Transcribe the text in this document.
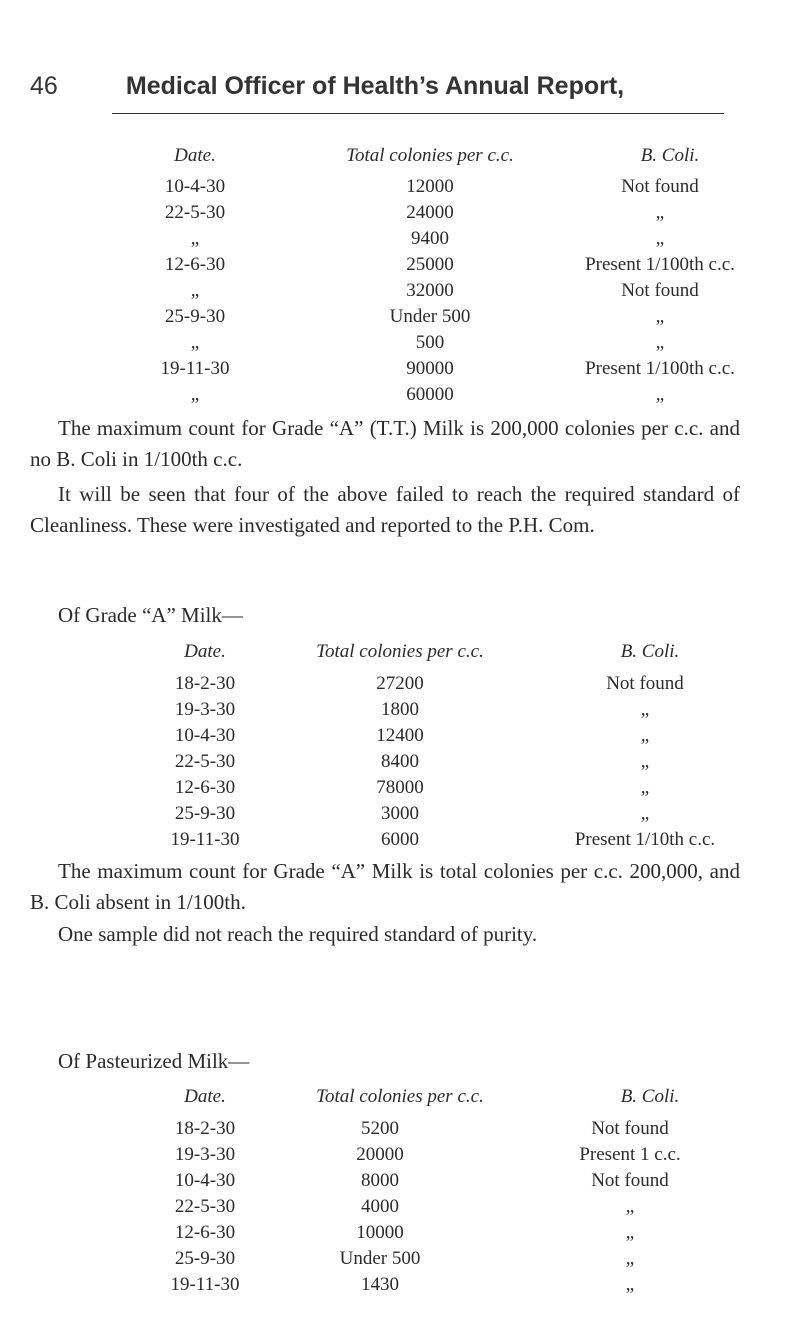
46	Medical Officer of Health’s Annual Report,
Date.	Total colonies per c.c.	B. Coli.
10-4-30	12000	Not found
22-5-30	24000	„
„	9400	„
12-6-30	25000	Present 1/100th c.c.
„	32000	Not found
25-9-30	Under 500	„
„	500	„
19-11-30	90000	Present 1/100th c.c.
„	60000	„

The maximum count for Grade “A” (T.T.) Milk is 200,000 colonies per c.c. and no B. Coli in 1/100th c.c.

It will be seen that four of the above failed to reach the required standard of Cleanliness. These were investigated and reported to the P.H. Com.

Of Grade “A” Milk—
Date.	Total colonies per c.c.	B. Coli.
18-2-30	27200	Not found
19-3-30	1800	„
10-4-30	12400	„
22-5-30	8400	„
12-6-30	78000	„
25-9-30	3000	„
19-11-30	6000	Present 1/10th c.c.

The maximum count for Grade “A” Milk is total colonies per c.c. 200,000, and B. Coli absent in 1/100th.

One sample did not reach the required standard of purity.
Of Pasteurized Milk—
Date.	Total colonies per c.c.	B. Coli.
18-2-30	5200	Not found
19-3-30	20000	Present 1 c.c.
10-4-30	8000	Not found
22-5-30	4000	„
12-6-30	10000	„
25-9-30	Under 500	„
19-11-30	1430	„
